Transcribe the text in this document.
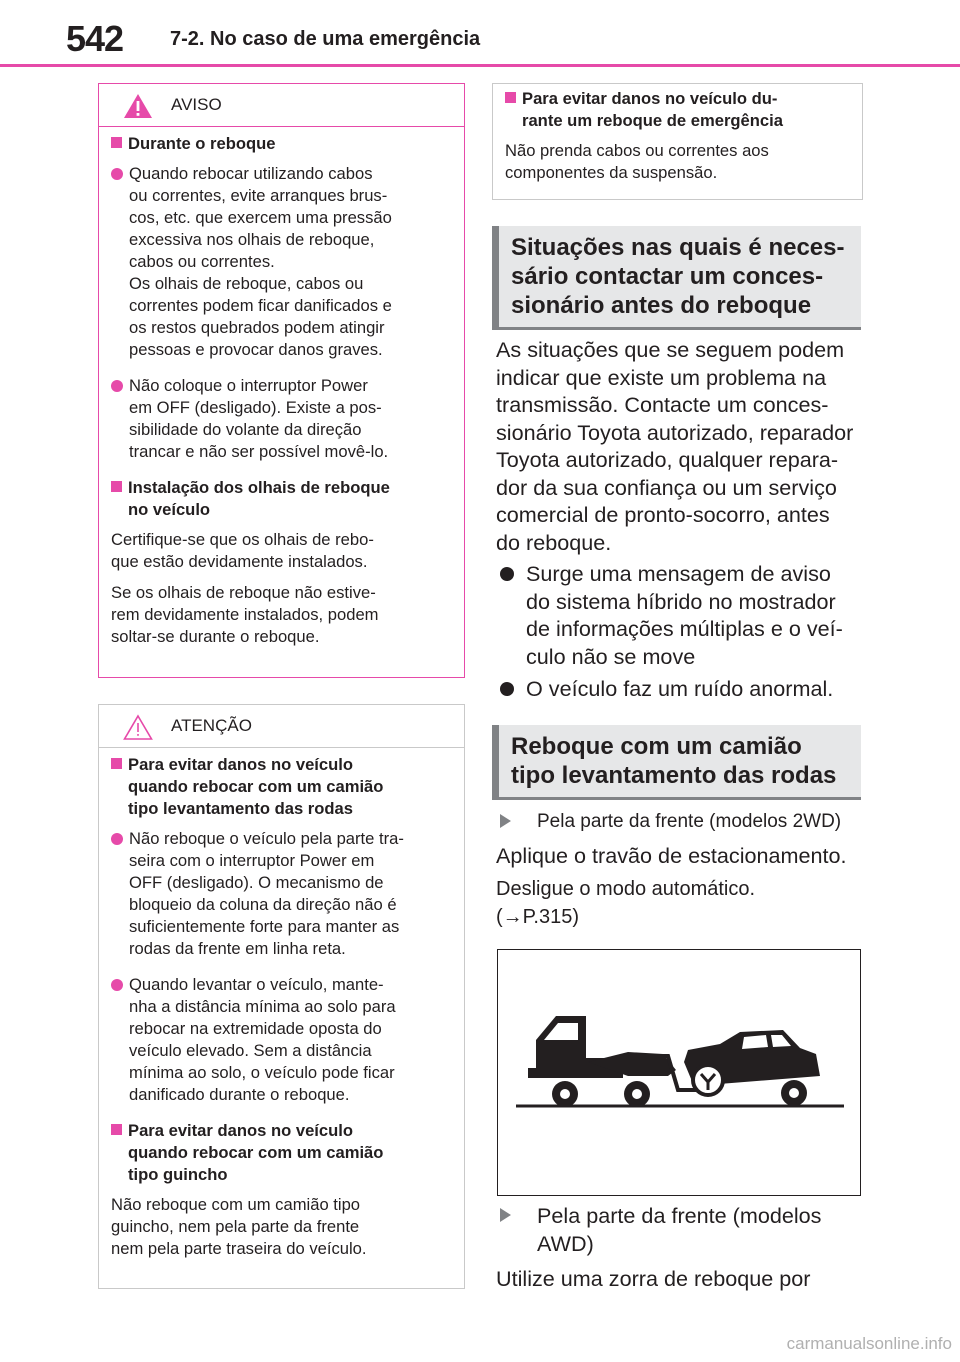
542 7-2. No caso de uma emergência
AVISO
Durante o reboque
Quando rebocar utilizando cabos
ou correntes, evite arranques brus-
cos, etc. que exercem uma pressão
excessiva nos olhais de reboque,
cabos ou correntes.
Os olhais de reboque, cabos ou
correntes podem ficar danificados e
os restos quebrados podem atingir
pessoas e provocar danos graves.
Não coloque o interruptor Power
em OFF (desligado). Existe a pos-
sibilidade do volante da direção
trancar e não ser possível movê-lo.
Instalação dos olhais de reboque
no veículo
Certifique-se que os olhais de rebo-
que estão devidamente instalados.
Se os olhais de reboque não estive-
rem devidamente instalados, podem
soltar-se durante o reboque.
ATENÇÃO
Para evitar danos no veículo
quando rebocar com um camião
tipo levantamento das rodas
Não reboque o veículo pela parte tra-
seira com o interruptor Power em
OFF (desligado). O mecanismo de
bloqueio da coluna da direção não é
suficientemente forte para manter as
rodas da frente em linha reta.
Quando levantar o veículo, mante-
nha a distância mínima ao solo para
rebocar na extremidade oposta do
veículo elevado. Sem a distância
mínima ao solo, o veículo pode ficar
danificado durante o reboque.
Para evitar danos no veículo
quando rebocar com um camião
tipo guincho
Não reboque com um camião tipo
guincho, nem pela parte da frente
nem pela parte traseira do veículo.
Para evitar danos no veículo du-
rante um reboque de emergência
Não prenda cabos ou correntes aos
componentes da suspensão.
Situações nas quais é neces-
sário contactar um conces-
sionário antes do reboque
As situações que se seguem podem
indicar que existe um problema na
transmissão. Contacte um conces-
sionário Toyota autorizado, reparador
Toyota autorizado, qualquer repara-
dor da sua confiança ou um serviço
comercial de pronto-socorro, antes
do reboque.
Surge uma mensagem de aviso
do sistema híbrido no mostrador
de informações múltiplas e o veí-
culo não se move
O veículo faz um ruído anormal.
Reboque com um camião
tipo levantamento das rodas
Pela parte da frente (modelos 2WD)
Aplique o travão de estacionamento.
Desligue o modo automático.
(→P.315)
Pela parte da frente (modelos
AWD)
Utilize uma zorra de reboque por
carmanualsonline.info
